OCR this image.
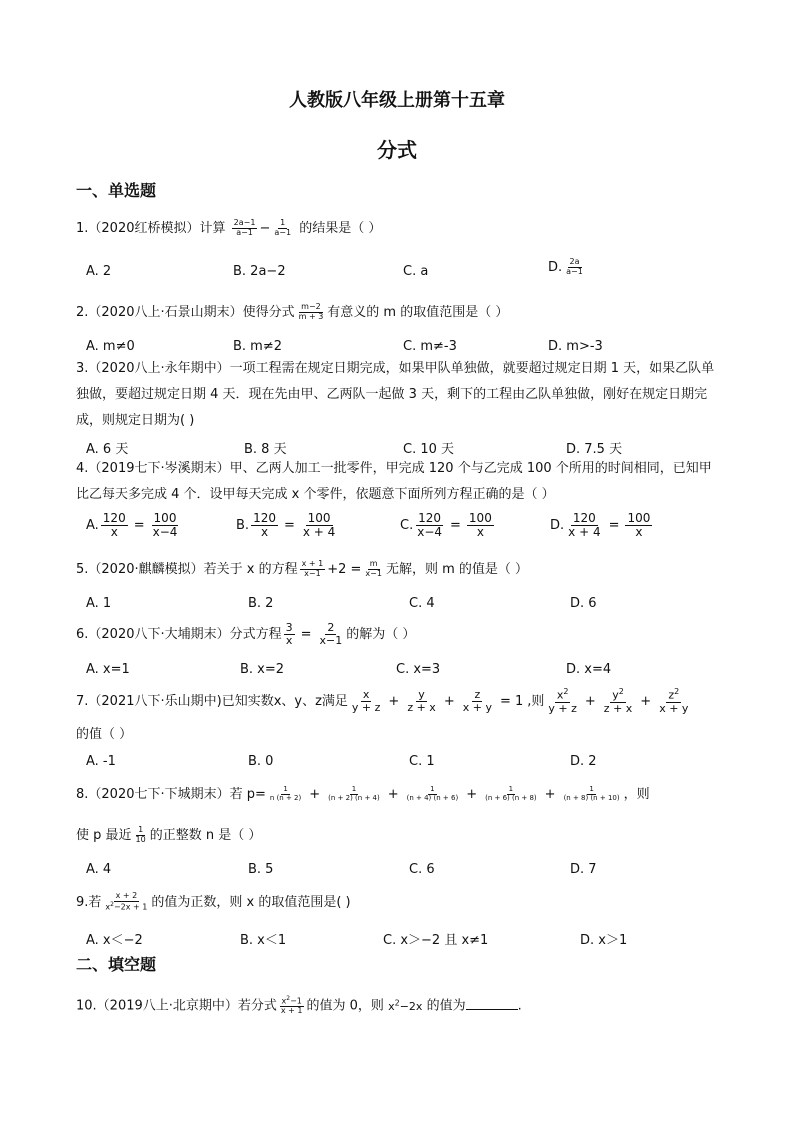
人教版八年级上册第十五章
分式
一、单选题
1.（2020红桥模拟）计算 $\frac{2a-1}{a-1} - \frac{1}{a-1}$ 的结果是（ ）
A. 2	B. 2a−2	C. a	D. $\frac{2a}{a-1}$
2.（2020八上·石景山期末）使得分式 $\frac{m-2}{m + 3}$ 有意义的 m 的取值范围是（ ）
A. m≠0	B. m≠2	C. m≠-3	D. m>-3
3.（2020八上·永年期中）一项工程需在规定日期完成，如果甲队单独做，就要超过规定日期 1 天，如果乙队单独做，要超过规定日期 4 天．现在先由甲、乙两队一起做 3 天，剩下的工程由乙队单独做，刚好在规定日期完成，则规定日期为( )
A. 6 天	B. 8 天	C. 10 天	D. 7.5 天
4.（2019七下·岑溪期末）甲、乙两人加工一批零件，甲完成 120 个与乙完成 100 个所用的时间相同，已知甲比乙每天多完成 4 个．设甲每天完成 x 个零件，依题意下面所列方程正确的是（ ）
A. $\frac{120}{x} = \frac{100}{x-4}$	B. $\frac{120}{x} = \frac{100}{x + 4}$	C. $\frac{120}{x-4} = \frac{100}{x}$	D. $\frac{120}{x + 4} = \frac{100}{x}$
5.（2020·麒麟模拟）若关于 x 的方程 $\frac{x + 1}{x-1} +2 = \frac{m}{x-1}$ 无解，则 m 的值是（ ）
A. 1	B. 2	C. 4	D. 6
6.（2020八下·大埔期末）分式方程 $\frac{3}{x} = \frac{2}{x-1}$ 的解为（ ）
A. x=1	B. x=2	C. x=3	D. x=4
7.（2021八下·乐山期中)已知实数x、y、z满足 $\frac{x}{y + z} + \frac{y}{z + x} + \frac{z}{x + y} = 1$ ,则 $\frac{x^2}{y + z} + \frac{y^2}{z + x} + \frac{z^2}{x + y}$
的值（ ）
A. -1	B. 0	C. 1	D. 2
8.（2020七下·下城期末）若 $p= \frac{1}{n (n + 2)} + \frac{1}{(n + 2) (n + 4)} + \frac{1}{(n + 4) (n + 6)} + \frac{1}{(n + 6) (n + 8)} + \frac{1}{(n + 8) (n + 10)}$ ，则
使 p 最近 $\frac{1}{10}$ 的正整数 n 是（ ）
A. 4	B. 5	C. 6	D. 7
9.若 $\frac{x + 2}{x^2-2x + 1}$ 的值为正数，则 x 的取值范围是( )
A. x＜−2	B. x＜1	C. x＞−2 且 x≠1	D. x＞1
二、填空题
10.（2019八上·北京期中）若分式 $\frac{x^2-1}{x + 1}$ 的值为 0，则 $x^2-2x$ 的值为	.
